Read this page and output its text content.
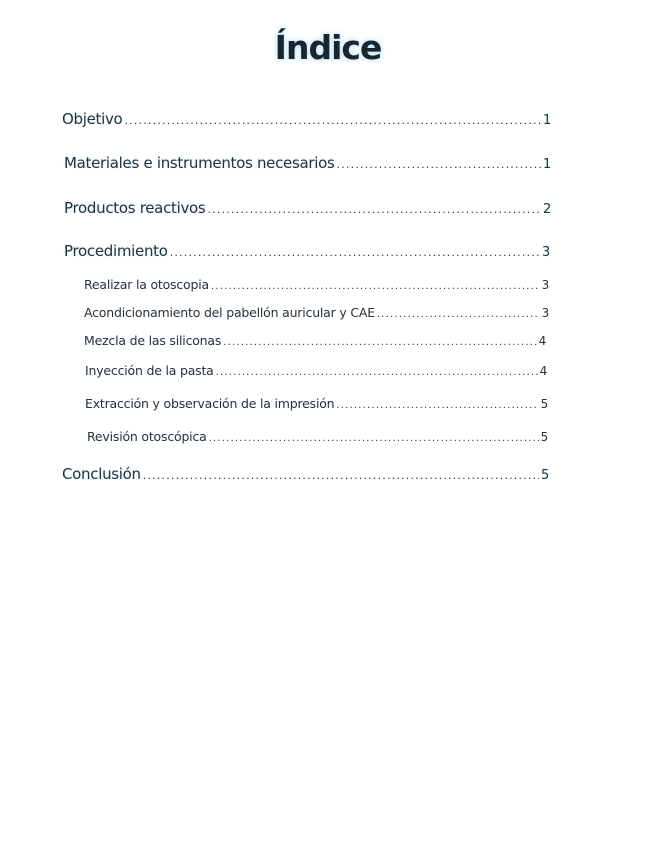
Índice
Objetivo .....	1
Materiales e instrumentos necesarios .....	1
Productos reactivos .....	2
Procedimiento .....	3
Realizar la otoscopia .....	3
Acondicionamiento del pabellón auricular y CAE .....	3
Mezcla de las siliconas .....	4
Inyección de la pasta .....	4
Extracción y observación de la impresión .....	5
Revisión otoscópica .....	5
Conclusión .....	5
